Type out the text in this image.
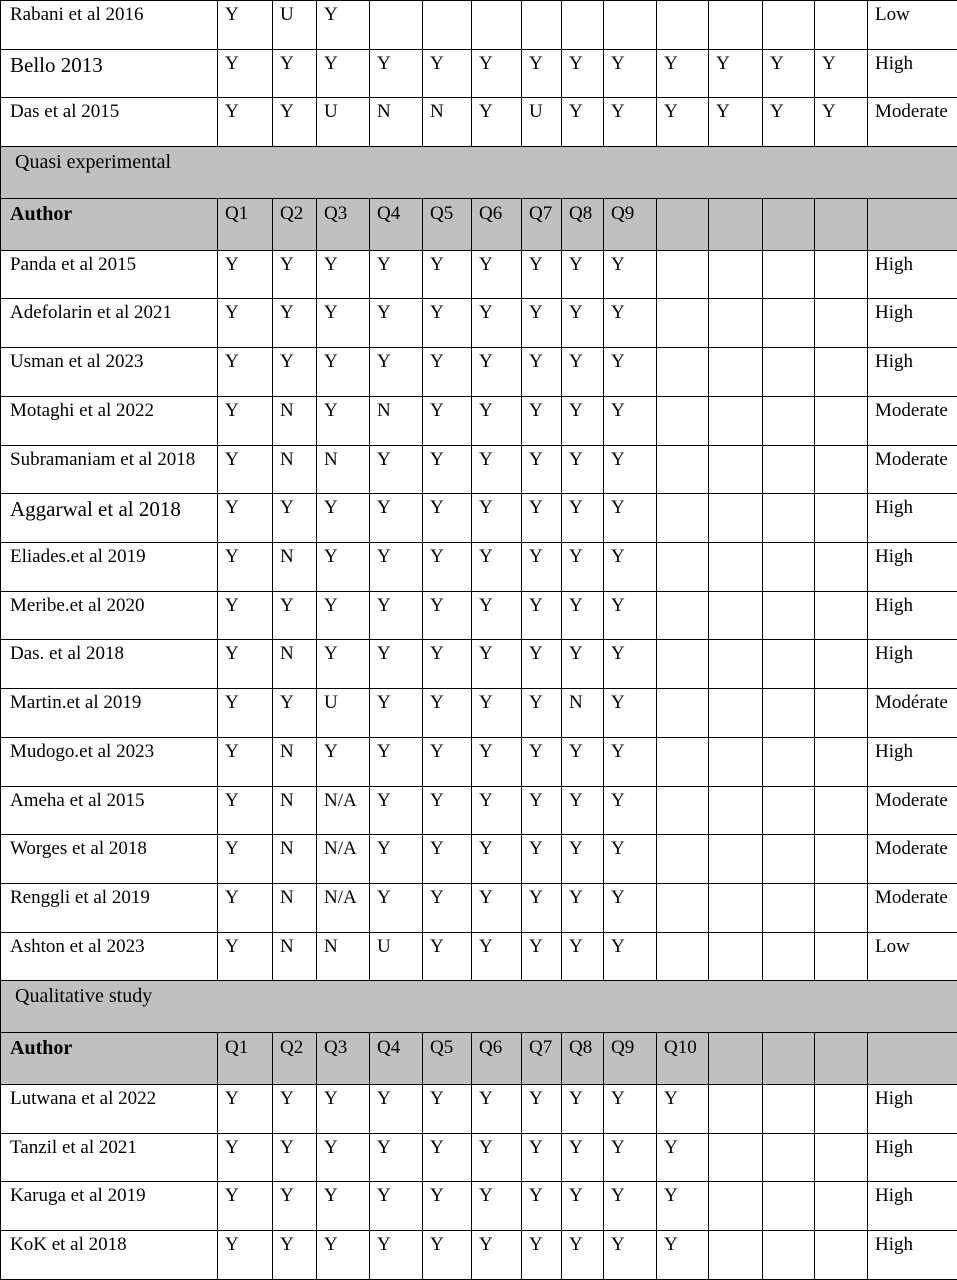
Rabani et al 2016	Y	U	Y											Low
Bello 2013	Y	Y	Y	Y	Y	Y	Y	Y	Y	Y	Y	Y	Y	High
Das et al 2015	Y	Y	U	N	N	Y	U	Y	Y	Y	Y	Y	Y	Moderate
Quasi experimental														
Author	Q1	Q2	Q3	Q4	Q5	Q6	Q7	Q8	Q9					
Panda et al 2015	Y	Y	Y	Y	Y	Y	Y	Y	Y					High
Adefolarin et al 2021	Y	Y	Y	Y	Y	Y	Y	Y	Y					High
Usman et al 2023	Y	Y	Y	Y	Y	Y	Y	Y	Y					High
Motaghi et al 2022	Y	N	Y	N	Y	Y	Y	Y	Y					Moderate
Subramaniam et al 2018	Y	N	N	Y	Y	Y	Y	Y	Y					Moderate
Aggarwal et al 2018	Y	Y	Y	Y	Y	Y	Y	Y	Y					High
Eliades.et al 2019	Y	N	Y	Y	Y	Y	Y	Y	Y					High
Meribe.et al 2020	Y	Y	Y	Y	Y	Y	Y	Y	Y					High
Das. et al 2018	Y	N	Y	Y	Y	Y	Y	Y	Y					High
Martin.et al 2019	Y	Y	U	Y	Y	Y	Y	N	Y					Modérate
Mudogo.et al 2023	Y	N	Y	Y	Y	Y	Y	Y	Y					High
Ameha et al 2015	Y	N	N/A	Y	Y	Y	Y	Y	Y					Moderate
Worges et al 2018	Y	N	N/A	Y	Y	Y	Y	Y	Y					Moderate
Renggli et al 2019	Y	N	N/A	Y	Y	Y	Y	Y	Y					Moderate
Ashton et al 2023	Y	N	N	U	Y	Y	Y	Y	Y					Low
Qualitative study														
Author	Q1	Q2	Q3	Q4	Q5	Q6	Q7	Q8	Q9	Q10				
Lutwana et al 2022	Y	Y	Y	Y	Y	Y	Y	Y	Y	Y				High
Tanzil et al 2021	Y	Y	Y	Y	Y	Y	Y	Y	Y	Y				High
Karuga et al 2019	Y	Y	Y	Y	Y	Y	Y	Y	Y	Y				High
KoK et al 2018	Y	Y	Y	Y	Y	Y	Y	Y	Y	Y				High
